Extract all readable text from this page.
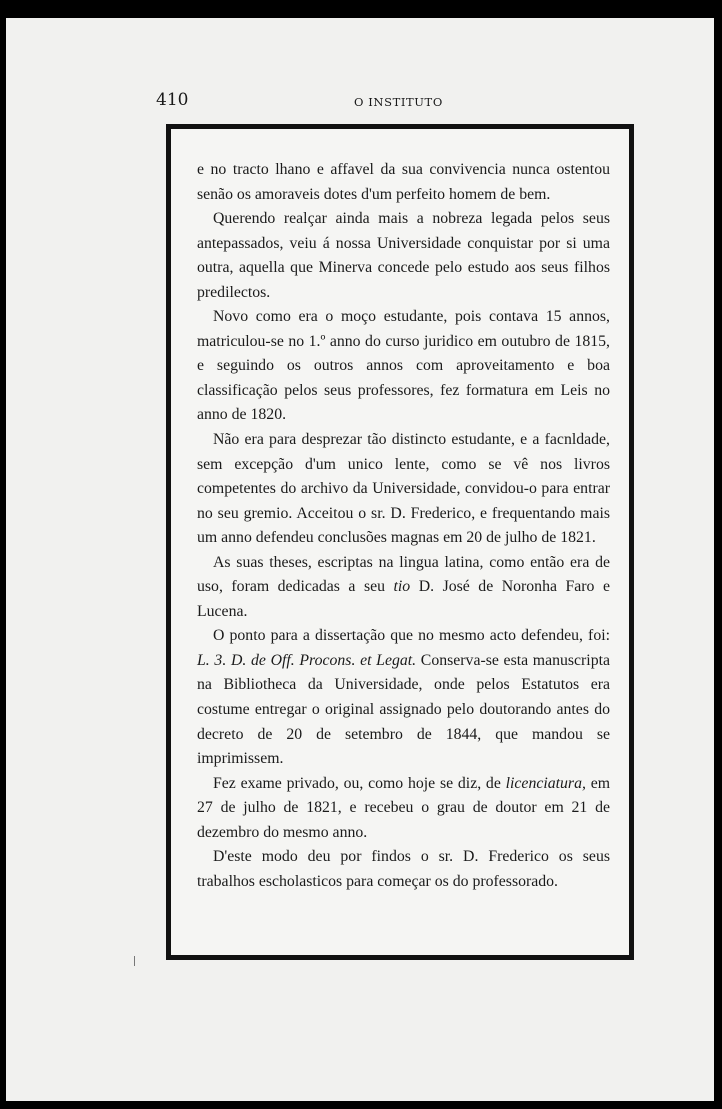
410	O INSTITUTO

e no tracto lhano e affavel da sua convivencia nunca ostentou senão os amoraveis dotes d'um perfeito homem de bem.

Querendo realçar ainda mais a nobreza legada pelos seus antepassados, veiu á nossa Universidade conquistar por si uma outra, aquella que Minerva concede pelo estudo aos seus filhos predilectos.

Novo como era o moço estudante, pois contava 15 annos, matriculou-se no 1.º anno do curso juridico em outubro de 1815, e seguindo os outros annos com aproveitamento e boa classificação pelos seus professores, fez formatura em Leis no anno de 1820.

Não era para desprezar tão distincto estudante, e a facnldade, sem excepção d'um unico lente, como se vê nos livros competentes do archivo da Universidade, convidou-o para entrar no seu gremio. Acceitou o sr. D. Frederico, e frequentando mais um anno defendeu conclusões magnas em 20 de julho de 1821.

As suas theses, escriptas na lingua latina, como então era de uso, foram dedicadas a seu tio D. José de Noronha Faro e Lucena.

O ponto para a dissertação que no mesmo acto defendeu, foi: L. 3. D. de Off. Procons. et Legat. Conserva-se esta manuscripta na Bibliotheca da Universidade, onde pelos Estatutos era costume entregar o original assignado pelo doutorando antes do decreto de 20 de setembro de 1844, que mandou se imprimissem.

Fez exame privado, ou, como hoje se diz, de licenciatura, em 27 de julho de 1821, e recebeu o grau de doutor em 21 de dezembro do mesmo anno.

D'este modo deu por findos o sr. D. Frederico os seus trabalhos escholasticos para começar os do professorado.
